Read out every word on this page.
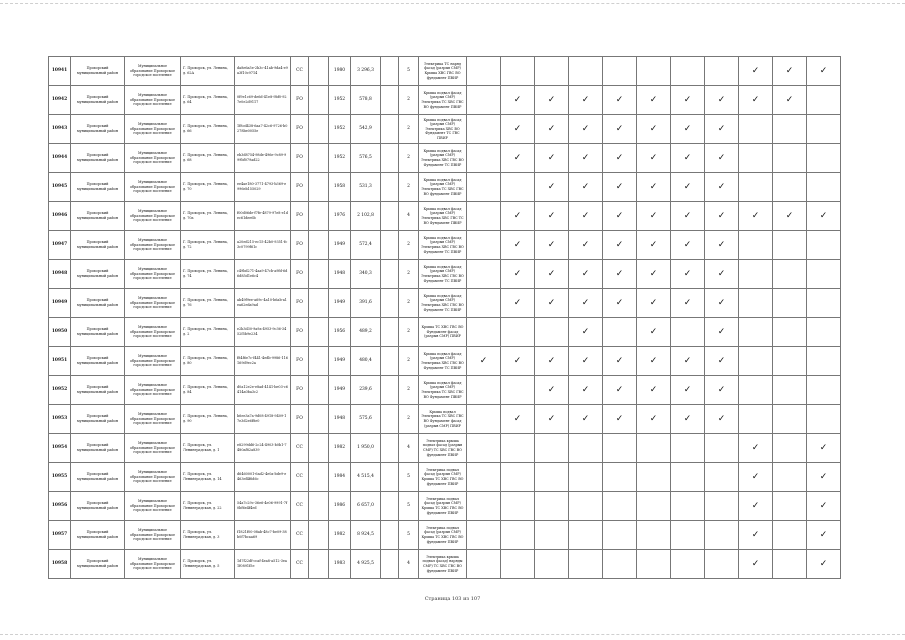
10941	Прохорский муниципальный район	Муниципальное образование Прохорское городское поселение	Г. Прохорск, ул. Ленина, д. 62А	da8e6a5e-2b3c-41ab-9da4-e9a3f10c9714	СС		1980	3 296,3		5	Электрика ТС наряд фасад (разрыв СМР) Крыша ХВС ГВС ВО фундамент ПВИР									✓	✓	✓
10942	Прохорский муниципальный район	Муниципальное образование Прохорское городское поселение	Г. Прохорск, ул. Ленина, д. 64	0f9e1c69-de6d-41e8-9bf0-927e0e2d9117	FO		1952	578,8		2	Крыша подвал фасад (разрыв СМР) Электрика ТС ХВС ГВС ВО фундамент ПВИР		✓	✓	✓	✓	✓	✓	✓	✓	✓	
10943	Прохорский муниципальный район	Муниципальное образование Прохорское городское поселение	Г. Прохорск, ул. Ленина, д. 66	1f8cd438-6aa7-42c6-9726-b0278be0055e	FO		1952	542,9		2	Крыша подвал фасад (разрыв СМР) Электрика ХВС ВО Фундамент ТС ГВС ПВИР		✓	✓	✓	✓	✓	✓	✓			
10944	Прохорский муниципальный район	Муниципальное образование Прохорское городское поселение	Г. Прохорск, ул. Ленина, д. 68	eb3d8754-98de-496e-9c89-999bf079ad22	FO		1952	576,5		2	Крыша подвал фасад (разрыв СМР) Электрика ХВС ГВС ВО Фундамент ТС ПВИР		✓	✓	✓	✓	✓	✓	✓			
10945	Прохорский муниципальный район	Муниципальное образование Прохорское городское поселение	Г. Прохорск, ул. Ленина, д. 70	ee4ae180-3771-4793-b369-e996eb155029	FO		1958	531,3		2	Крыша подвал фасад (разрыв СМР) Электрика ТС ХВС ГВС ВО фундамент ПВИР			✓	✓	✓	✓	✓	✓			
10946	Прохорский муниципальный район	Муниципальное образование Прохорское городское поселение	Г. Прохорск, ул. Ленина, д. 70а	f00d06de-f7fe-4879-97e8-e1dec61dee6b	FO		1976	2 102,8		4	Крыша подвал фасад (разрыв СМР) Электрика ХВС ГВС ТС ВО Фундамент ПВИР		✓	✓	✓	✓	✓	✓	✓	✓	✓	✓
10947	Прохорский муниципальный район	Муниципальное образование Прохорское городское поселение	Г. Прохорск, ул. Ленина, д. 72	a20ed215-ec15-42b0-9351-fc3c0799f61c	FO		1949	572,4		2	Крыша подвал фасад (разрыв СМР) Электрика ХВС ГВС ВО Фундамент ТС ПВИР		✓	✓	✓	✓	✓	✓	✓			
10948	Прохорский муниципальный район	Муниципальное образование Прохорское городское поселение	Г. Прохорск, ул. Ленина, д. 74	c49bd271-4aa9-47cb-a9fd-6d6d85d1e6c4	FO		1948	340,3		2	Крыша подвал фасад (разрыв СМР) Электрика ХВС ГВС ВО Фундамент ТС ПВИР		✓	✓	✓	✓	✓	✓	✓			
10949	Прохорский муниципальный район	Муниципальное образование Прохорское городское поселение	Г. Прохорск, ул. Ленина, д. 76	ab49f9ee-a69c-4a10-b6ab-a1ea62eda9ad	FO		1949	391,6		2	Крыша подвал фасад (разрыв СМР) Электрика ХВС ГВС ВО Фундамент ТС ПВИР		✓	✓	✓	✓	✓	✓	✓			
10950	Прохорский муниципальный район	Муниципальное образование Прохорское городское поселение	Г. Прохорск, ул. Ленина, д. 2	e2b3d30-9a9a-4953-9c36-3452f5b9e234	FO		1956	489,2		2	Крыша ТС ХВС ГВС ВО Фундамент фасад (разрыв СМР) ПВИР				✓		✓		✓			
10951	Прохорский муниципальный район	Муниципальное образование Прохорское городское поселение	Г. Прохорск, ул. Ленина, д. 80	f84f6e7c-f441-4edb-9986-116169d9ec2a	FO		1949	480,4		2	Крыша подвал фасад (разрыв СМР) Электрика ХВС ГВС ВО Фундамент ТС ПВИР	✓	✓	✓	✓	✓	✓	✓	✓			
10952	Прохорский муниципальный район	Муниципальное образование Прохорское городское поселение	Г. Прохорск, ул. Ленина, д. 84	d0a12e2e-e8ad-4141-be03-c6414a0ba3c2	FO		1949	239,6		2	Крыша подвал фасад (разрыв СМР) Электрика ТС ХВС ГВС ВО Фундамент ПВИР			✓	✓	✓	✓	✓	✓			
10953	Прохорский муниципальный район	Муниципальное образование Прохорское городское поселение	Г. Прохорск, ул. Ленина, д. 90	b6ee3a7a-9d08-4918-9409-17e3d2e6f8e0	FO		1948	575,6		2	Крыша подвал Электрика ТС ХВС ГВС ВО Фундамент фасад (разрыв СМР) ПВИР		✓	✓	✓	✓	✓	✓	✓			
10954	Прохорский муниципальный район	Муниципальное образование Прохорское городское поселение	Г. Прохорск, ул. Ленинградская, д. 1	e8299dd6-2c24-4903-b0b1-7480af82a839	СС		1982	1 950,0		4	Электрика крыша подвал фасад (разрыв СМР) ТС ХВС ГВС ВО фундамент ПВИР									✓		✓
10955	Прохорский муниципальный район	Муниципальное образование Прохорское городское поселение	Г. Прохорск, ул. Ленинградская, д. 14	d6460001-6ad2-4e0a-bde9-e463ef4f6d6c	СС		1984	4 515,4		5	Электрика подвал фасад (разрыв СМР) Крыша ТС ХВС ГВС ВО фундамент ПВИР									✓		✓
10956	Прохорский муниципальный район	Муниципальное образование Прохорское городское поселение	Г. Прохорск, ул. Ленинградская, д. 22	54a7c29c-36e6-4e06-9991-7f0bf6e4f4ed	СС		1986	6 657,0		5	Электрика подвал фасад (разрыв СМР) Крыша ТС ХВС ГВС ВО фундамент ПВИР									✓		✓
10957	Прохорский муниципальный район	Муниципальное образование Прохорское городское поселение	Г. Прохорск, ул. Ленинградская, д. 3	f1821f00-08ab-48c7-be09-38b0f7bcaa69	СС		1982	8 924,5		5	Электрика подвал фасад (разрыв СМР) Крыша ТС ХВС ГВС ВО фундамент ПВИР									✓		✓
10958	Прохорский муниципальный район	Муниципальное образование Прохорское городское поселение	Г. Прохорск, ул. Ленинградская, д. 5	1d7f22df-ccaf-4ea8-a512-3ea1f0891f5e	СС		1983	4 925,5		4	Электрика крыша подвал фасад) наряды СМР) ТС ХВС ГВС ВО фундамент ПВИР									✓		✓
Страница 103 из 107
